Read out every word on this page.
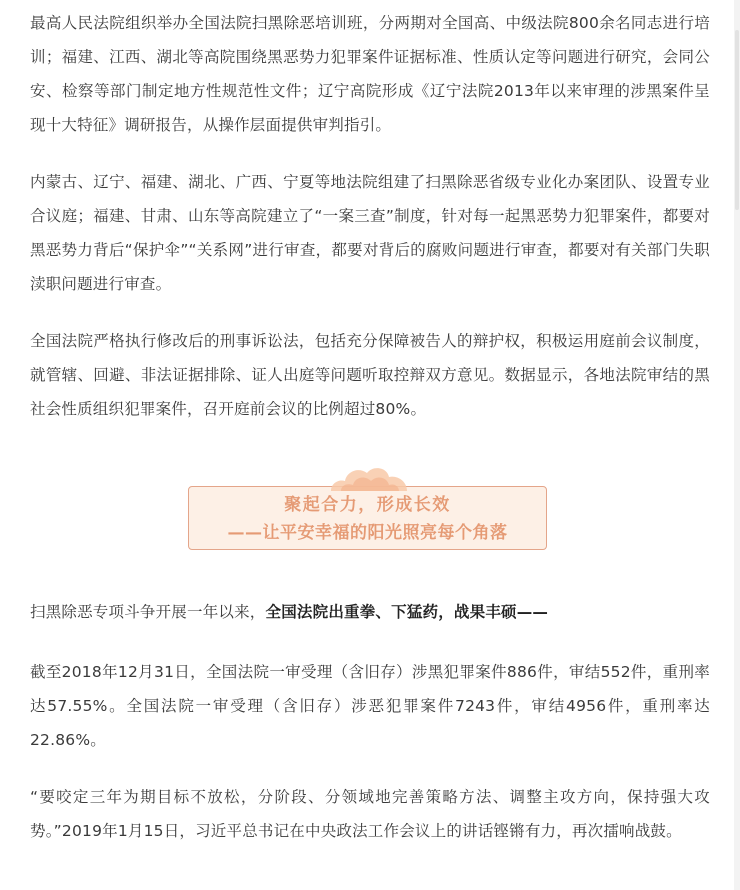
最高人民法院组织举办全国法院扫黑除恶培训班，分两期对全国高、中级法院800余名同志进行培训；福建、江西、湖北等高院围绕黑恶势力犯罪案件证据标准、性质认定等问题进行研究，会同公安、检察等部门制定地方性规范性文件；辽宁高院形成《辽宁法院2013年以来审理的涉黑案件呈现十大特征》调研报告，从操作层面提供审判指引。

内蒙古、辽宁、福建、湖北、广西、宁夏等地法院组建了扫黑除恶省级专业化办案团队、设置专业合议庭；福建、甘肃、山东等高院建立了“一案三查”制度，针对每一起黑恶势力犯罪案件，都要对黑恶势力背后“保护伞”“关系网”进行审查，都要对背后的腐败问题进行审查，都要对有关部门失职渎职问题进行审查。

全国法院严格执行修改后的刑事诉讼法，包括充分保障被告人的辩护权，积极运用庭前会议制度，就管辖、回避、非法证据排除、证人出庭等问题听取控辩双方意见。数据显示，各地法院审结的黑社会性质组织犯罪案件，召开庭前会议的比例超过80%。

聚起合力，形成长效
——让平安幸福的阳光照亮每个角落

扫黑除恶专项斗争开展一年以来，全国法院出重拳、下猛药，战果丰硕——

截至2018年12月31日，全国法院一审受理（含旧存）涉黑犯罪案件886件，审结552件，重刑率达57.55%。全国法院一审受理（含旧存）涉恶犯罪案件7243件，审结4956件，重刑率达22.86%。

“要咬定三年为期目标不放松，分阶段、分领域地完善策略方法、调整主攻方向，保持强大攻势。”2019年1月15日，习近平总书记在中央政法工作会议上的讲话铿锵有力，再次擂响战鼓。
